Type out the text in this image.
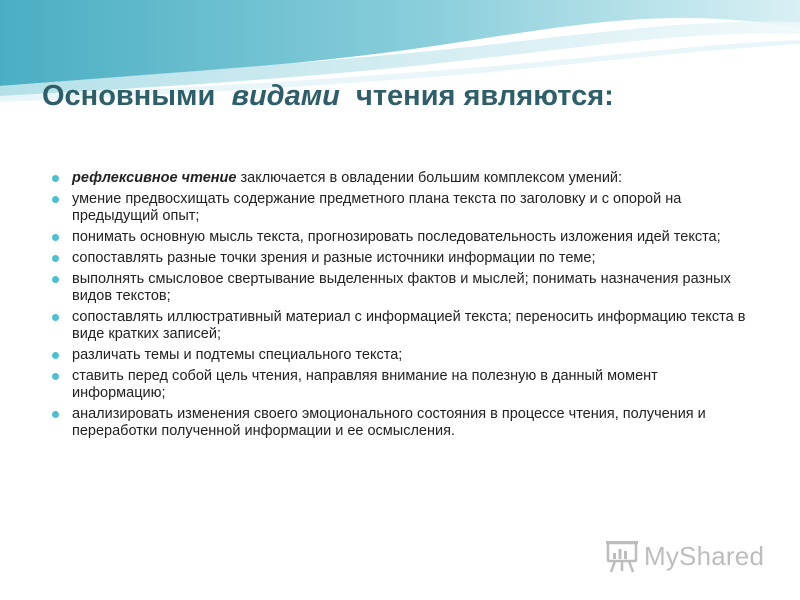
Основными видами чтения являются:
рефлексивное чтение заключается в овладении большим комплексом умений:
умение предвосхищать содержание предметного плана текста по заголовку и с опорой на предыдущий опыт;
понимать основную мысль текста, прогнозировать последовательность изложения идей текста;
сопоставлять разные точки зрения и разные источники информации по теме;
выполнять смысловое свертывание выделенных фактов и мыслей; понимать назначения разных видов текстов;
сопоставлять иллюстративный материал с информацией текста; переносить информацию текста в виде кратких записей;
различать темы и подтемы специального текста;
ставить перед собой цель чтения, направляя внимание на полезную в данный момент информацию;
анализировать изменения своего эмоционального состояния в процессе чтения, получения и переработки полученной информации и ее осмысления.
MyShared
